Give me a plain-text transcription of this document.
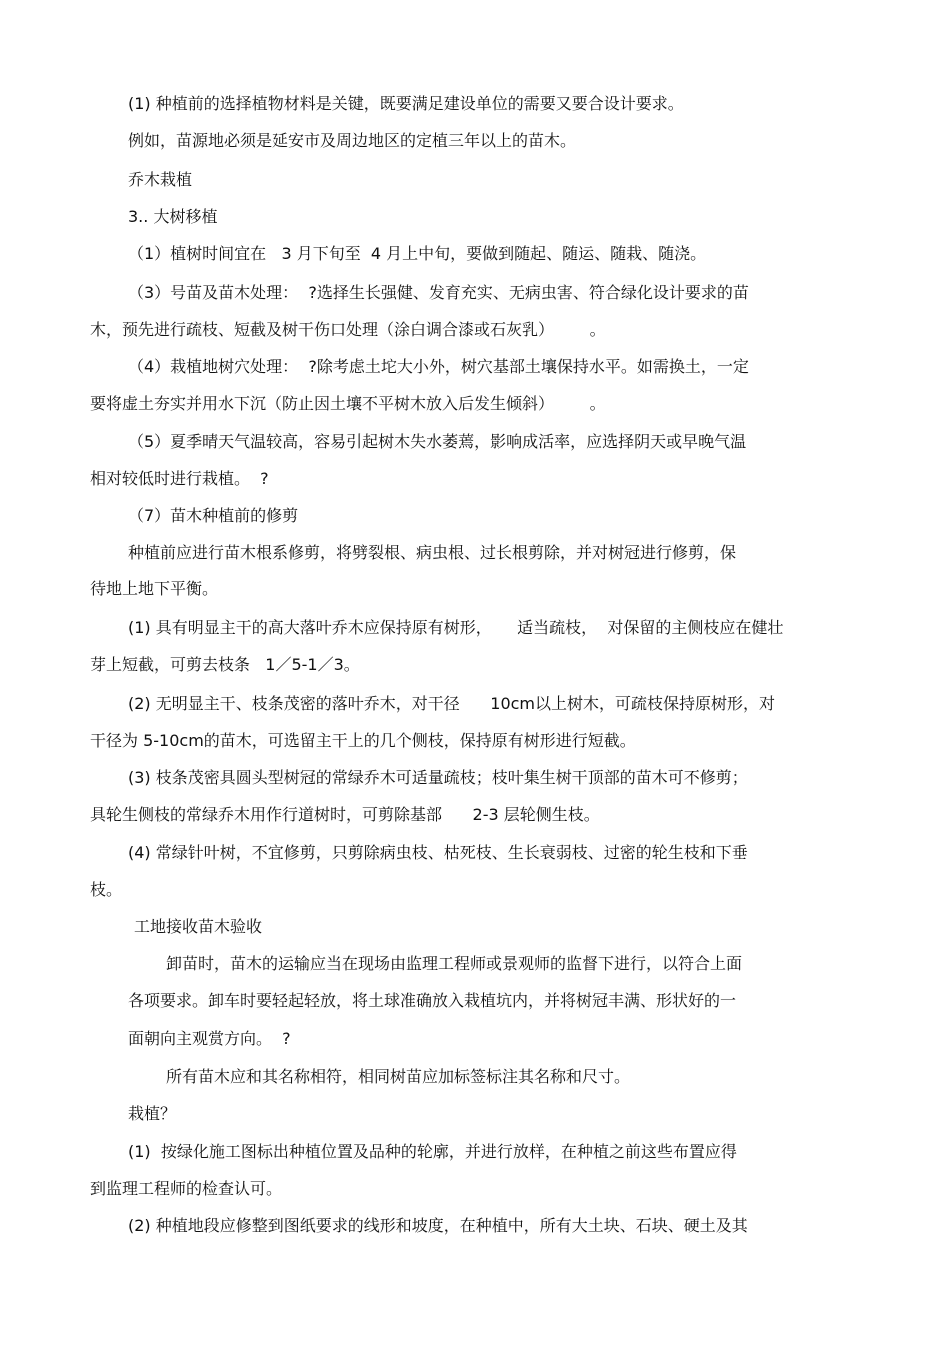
(1) 种植前的选择植物材料是关键，既要满足建设单位的需要又要合设计要求。

例如，苗源地必须是延安市及周边地区的定植三年以上的苗木。

乔木栽植

3.. 大树移植

（1）植树时间宜在   3 月下旬至  4 月上中旬，要做到随起、随运、随栽、随浇。

（3）号苗及苗木处理：  ?选择生长强健、发育充实、无病虫害、符合绿化设计要求的苗

木，预先进行疏枝、短截及树干伤口处理（涂白调合漆或石灰乳）       。

（4）栽植地树穴处理：  ?除考虑土坨大小外，树穴基部土壤保持水平。如需换土，一定

要将虚土夯实并用水下沉（防止因土壤不平树木放入后发生倾斜）       。

（5）夏季晴天气温较高，容易引起树木失水萎蔫，影响成活率，应选择阴天或早晚气温

相对较低时进行栽植。  ?

（7）苗木种植前的修剪

种植前应进行苗木根系修剪，将劈裂根、病虫根、过长根剪除，并对树冠进行修剪，保

待地上地下平衡。

(1) 具有明显主干的高大落叶乔木应保持原有树形，     适当疏枝，  对保留的主侧枝应在健壮

芽上短截，可剪去枝条   1／5-1／3。

(2) 无明显主干、枝条茂密的落叶乔木，对干径      10cm以上树木，可疏枝保持原树形，对

干径为 5-10cm的苗木，可选留主干上的几个侧枝，保持原有树形进行短截。

(3) 枝条茂密具圆头型树冠的常绿乔木可适量疏枝；枝叶集生树干顶部的苗木可不修剪；

具轮生侧枝的常绿乔木用作行道树时，可剪除基部      2-3 层轮侧生枝。

(4) 常绿针叶树，不宜修剪，只剪除病虫枝、枯死枝、生长衰弱枝、过密的轮生枝和下垂

枝。

工地接收苗木验收

卸苗时，苗木的运输应当在现场由监理工程师或景观师的监督下进行，以符合上面

各项要求。卸车时要轻起轻放，将土球准确放入栽植坑内，并将树冠丰满、形状好的一

面朝向主观赏方向。  ?

所有苗木应和其名称相符，相同树苗应加标签标注其名称和尺寸。

栽植？

(1)  按绿化施工图标出种植位置及品种的轮廓，并进行放样，在种植之前这些布置应得

到监理工程师的检查认可。

(2) 种植地段应修整到图纸要求的线形和坡度，在种植中，所有大土块、石块、硬土及其
